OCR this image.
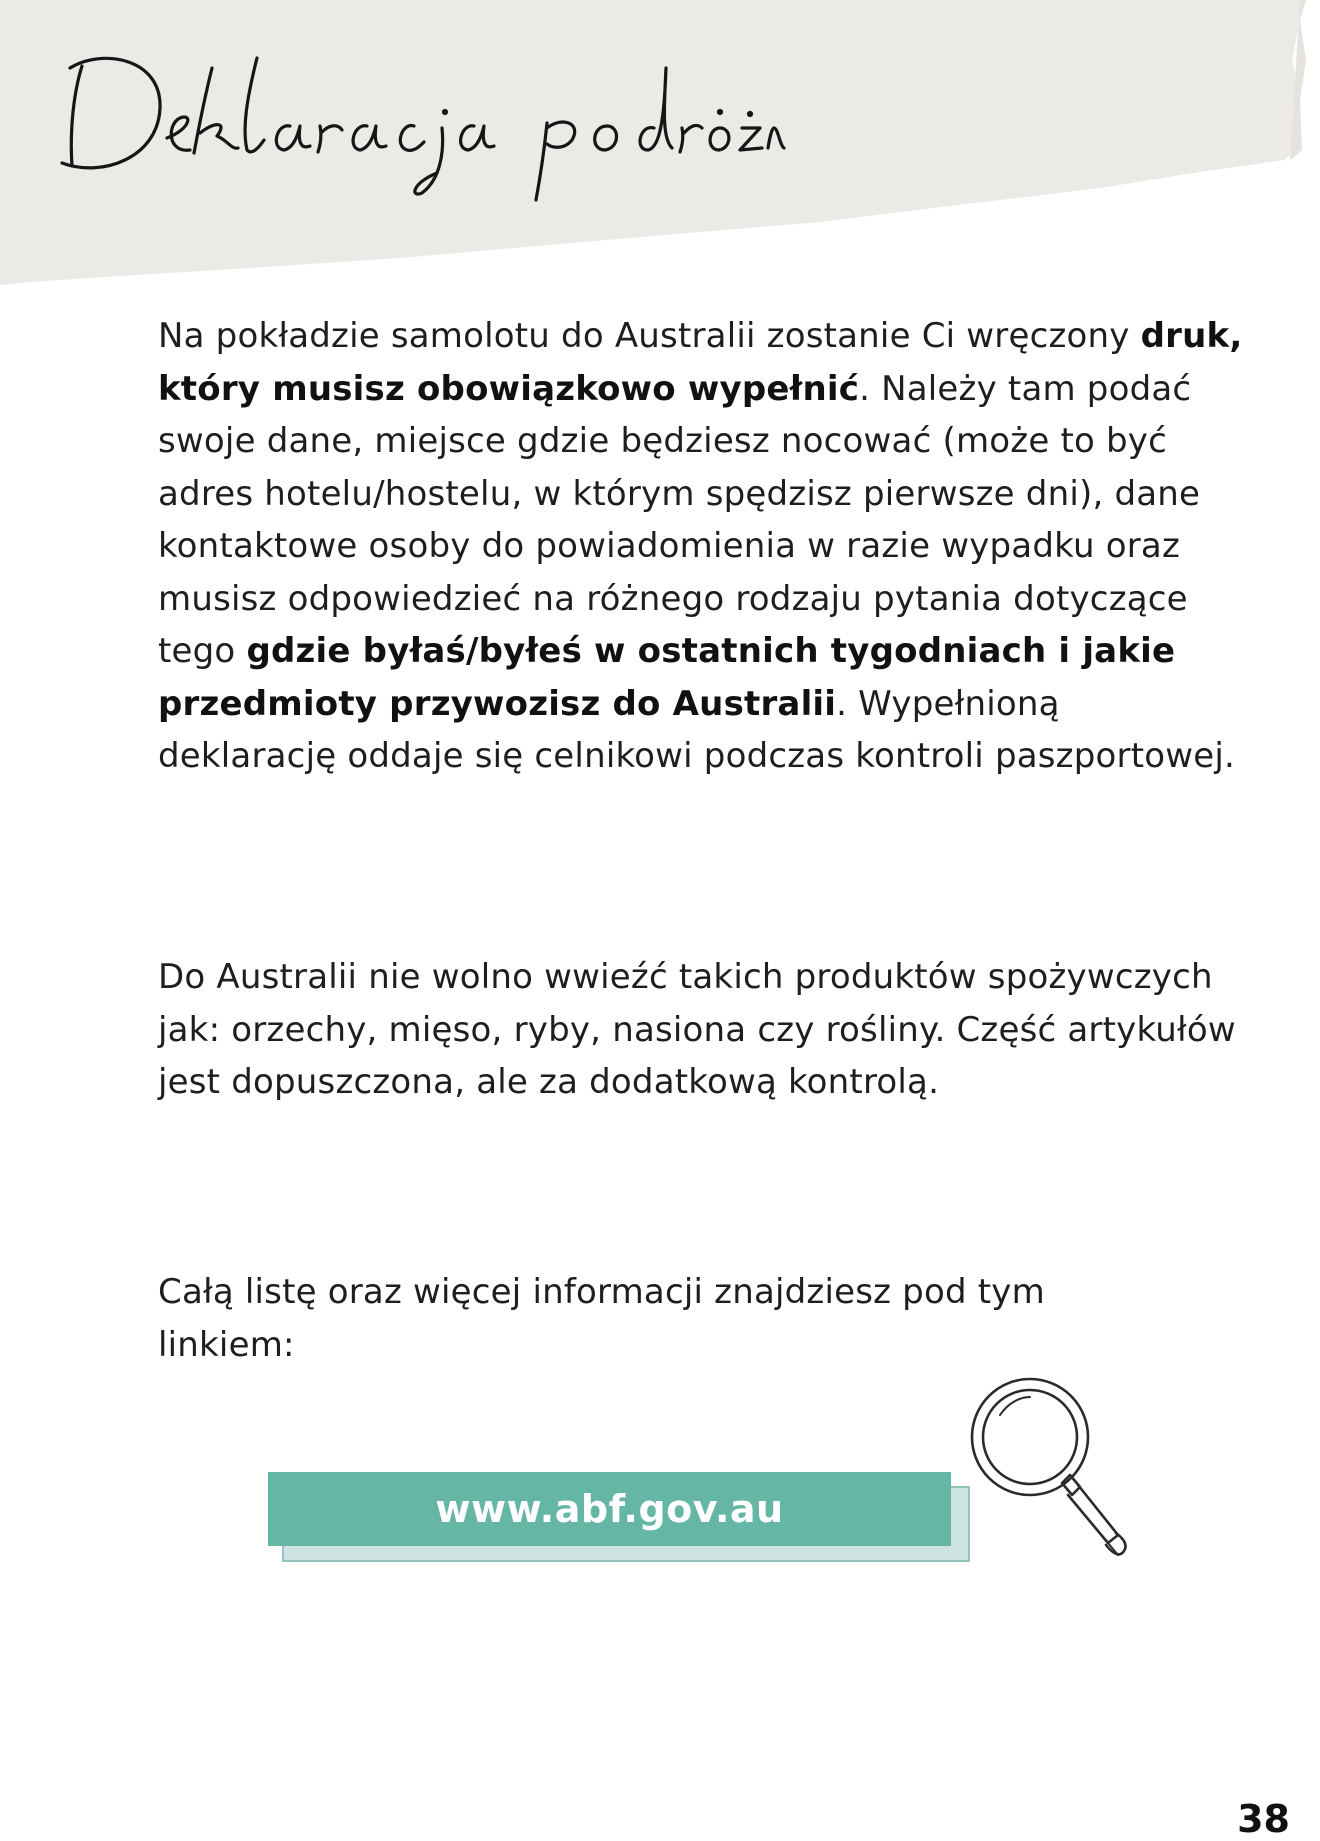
Na pokładzie samolotu do Australii zostanie Ci wręczony druk, który musisz obowiązkowo wypełnić. Należy tam podać swoje dane, miejsce gdzie będziesz nocować (może to być adres hotelu/hostelu, w którym spędzisz pierwsze dni), dane kontaktowe osoby do powiadomienia w razie wypadku oraz musisz odpowiedzieć na różnego rodzaju pytania dotyczące tego gdzie byłaś/byłeś w ostatnich tygodniach i jakie przedmioty przywozisz do Australii. Wypełnioną deklarację oddaje się celnikowi podczas kontroli paszportowej.

Do Australii nie wolno wwieźć takich produktów spożywczych jak: orzechy, mięso, ryby, nasiona czy rośliny. Część artykułów jest dopuszczona, ale za dodatkową kontrolą.

Całą listę oraz więcej informacji znajdziesz pod tym linkiem:

www.abf.gov.au

38
